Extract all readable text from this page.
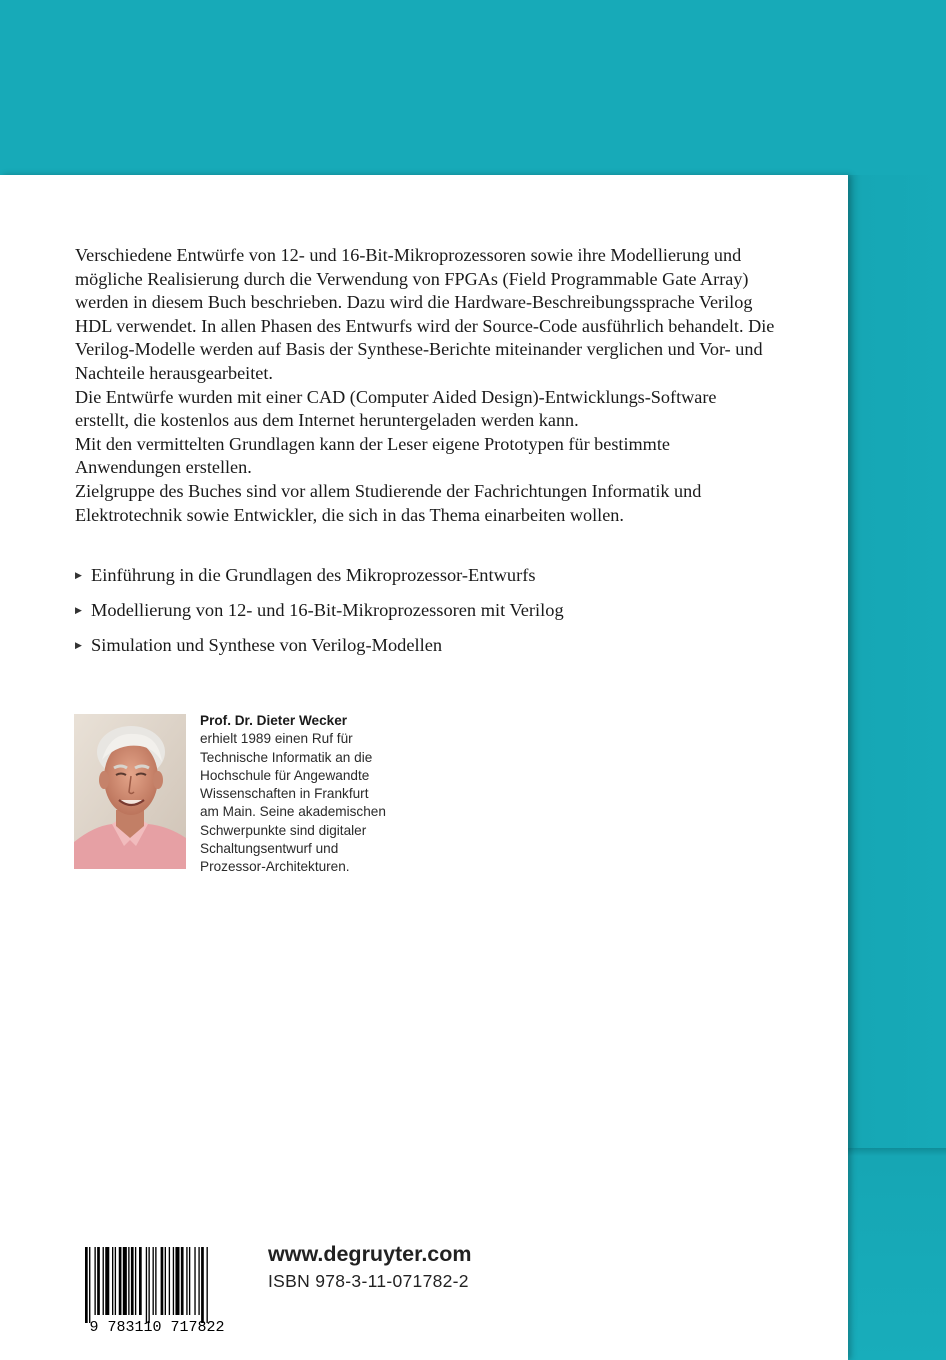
Verschiedene Entwürfe von 12- und 16-Bit-Mikroprozessoren sowie ihre Modellierung und mögliche Realisierung durch die Verwendung von FPGAs (Field Programmable Gate Array) werden in diesem Buch beschrieben. Dazu wird die Hardware-Beschreibungssprache Verilog HDL verwendet. In allen Phasen des Entwurfs wird der Source-Code ausführlich behandelt. Die Verilog-Modelle werden auf Basis der Synthese-Berichte miteinander verglichen und Vor- und Nachteile herausgearbeitet.

Die Entwürfe wurden mit einer CAD (Computer Aided Design)-Entwicklungs-Software erstellt, die kostenlos aus dem Internet heruntergeladen werden kann.

Mit den vermittelten Grundlagen kann der Leser eigene Prototypen für bestimmte Anwendungen erstellen.

Zielgruppe des Buches sind vor allem Studierende der Fachrichtungen Informatik und Elektrotechnik sowie Entwickler, die sich in das Thema einarbeiten wollen.

▶ Einführung in die Grundlagen des Mikroprozessor-Entwurfs
▶ Modellierung von 12- und 16-Bit-Mikroprozessoren mit Verilog
▶ Simulation und Synthese von Verilog-Modellen
Prof. Dr. Dieter Wecker
erhielt 1989 einen Ruf für
Technische Informatik an die
Hochschule für Angewandte
Wissenschaften in Frankfurt
am Main. Seine akademischen
Schwerpunkte sind digitaler
Schaltungsentwurf und
Prozessor-Architekturen.
9 783110 717822
www.degruyter.com
ISBN 978-3-11-071782-2
